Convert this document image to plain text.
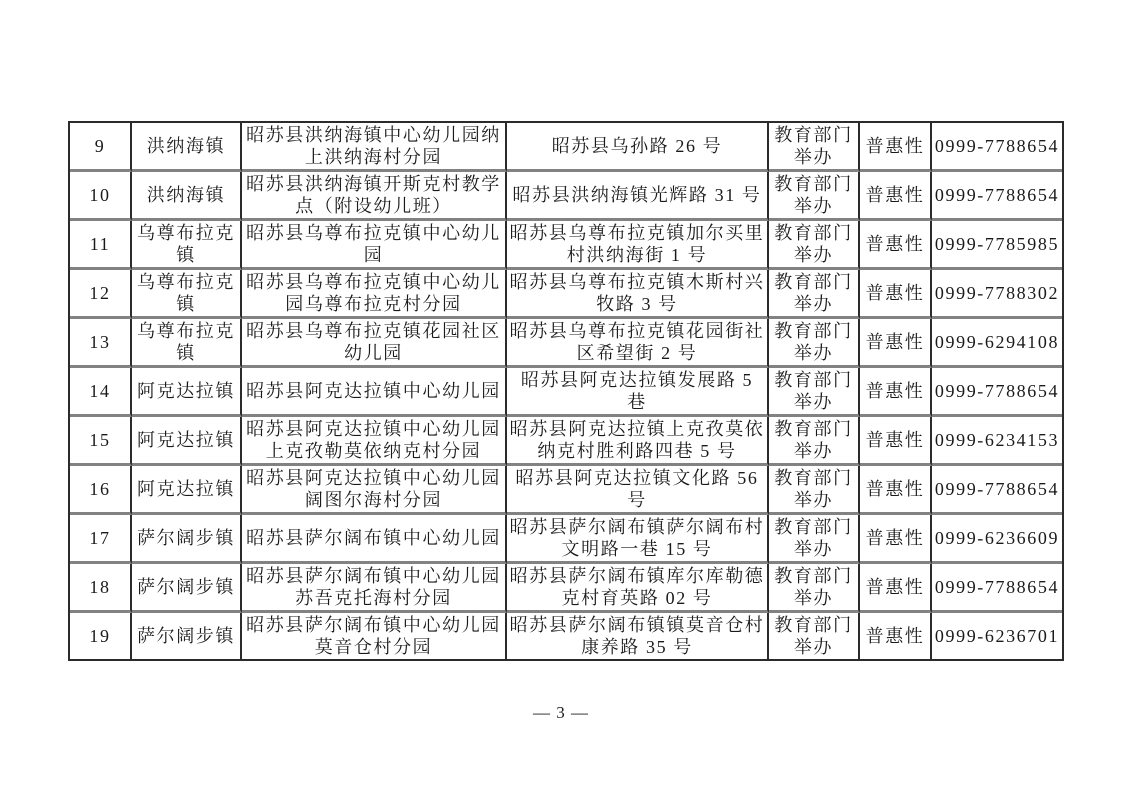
9	洪纳海镇	昭苏县洪纳海镇中心幼儿园纳上洪纳海村分园	昭苏县乌孙路 26 号	教育部门举办	普惠性	0999-7788654
10	洪纳海镇	昭苏县洪纳海镇开斯克村教学点（附设幼儿班）	昭苏县洪纳海镇光辉路 31 号	教育部门举办	普惠性	0999-7788654
11	乌尊布拉克镇	昭苏县乌尊布拉克镇中心幼儿园	昭苏县乌尊布拉克镇加尔买里村洪纳海街 1 号	教育部门举办	普惠性	0999-7785985
12	乌尊布拉克镇	昭苏县乌尊布拉克镇中心幼儿园乌尊布拉克村分园	昭苏县乌尊布拉克镇木斯村兴牧路 3 号	教育部门举办	普惠性	0999-7788302
13	乌尊布拉克镇	昭苏县乌尊布拉克镇花园社区幼儿园	昭苏县乌尊布拉克镇花园街社区希望街 2 号	教育部门举办	普惠性	0999-6294108
14	阿克达拉镇	昭苏县阿克达拉镇中心幼儿园	昭苏县阿克达拉镇发展路 5 巷	教育部门举办	普惠性	0999-7788654
15	阿克达拉镇	昭苏县阿克达拉镇中心幼儿园上克孜勒莫依纳克村分园	昭苏县阿克达拉镇上克孜莫依纳克村胜利路四巷 5 号	教育部门举办	普惠性	0999-6234153
16	阿克达拉镇	昭苏县阿克达拉镇中心幼儿园阔图尔海村分园	昭苏县阿克达拉镇文化路 56 号	教育部门举办	普惠性	0999-7788654
17	萨尔阔步镇	昭苏县萨尔阔布镇中心幼儿园	昭苏县萨尔阔布镇萨尔阔布村文明路一巷 15 号	教育部门举办	普惠性	0999-6236609
18	萨尔阔步镇	昭苏县萨尔阔布镇中心幼儿园苏吾克托海村分园	昭苏县萨尔阔布镇库尔库勒德克村育英路 02 号	教育部门举办	普惠性	0999-7788654
19	萨尔阔步镇	昭苏县萨尔阔布镇中心幼儿园莫音仓村分园	昭苏县萨尔阔布镇镇莫音仓村康养路 35 号	教育部门举办	普惠性	0999-6236701
— 3 —
